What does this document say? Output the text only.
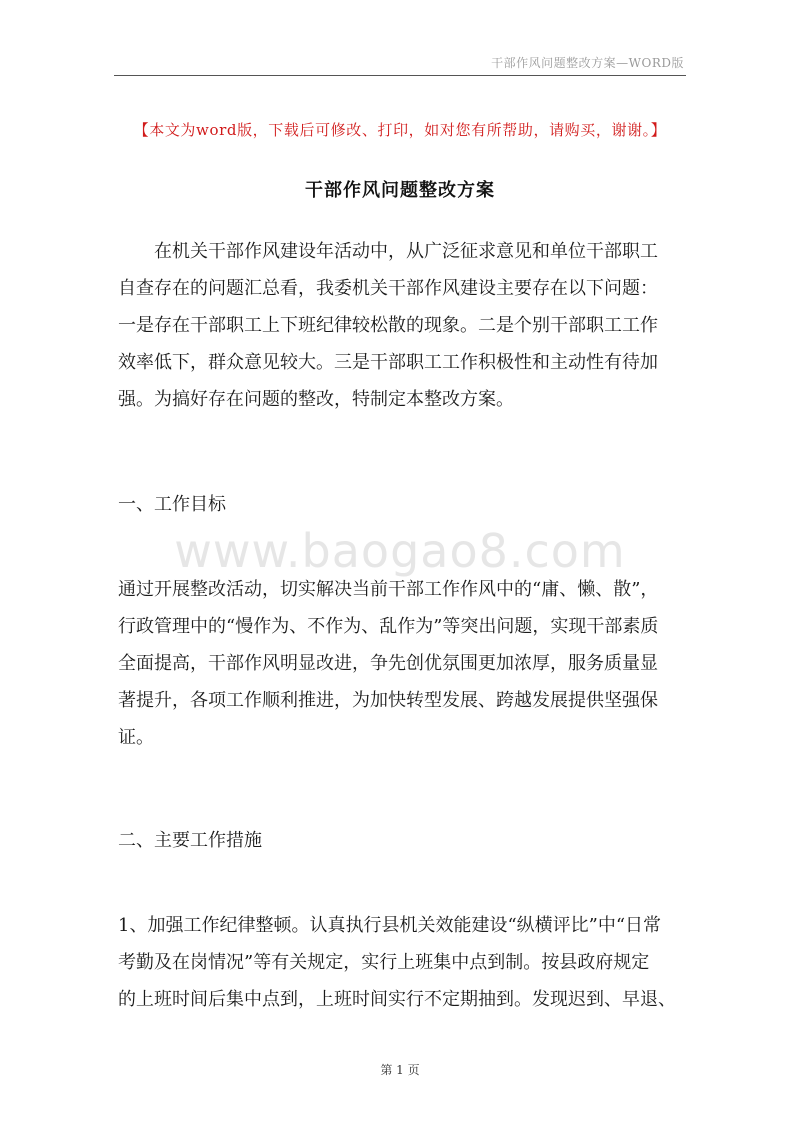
干部作风问题整改方案—WORD版
【本文为word版，下载后可修改、打印，如对您有所帮助，请购买，谢谢。】
干部作风问题整改方案

　　在机关干部作风建设年活动中，从广泛征求意见和单位干部职工
自查存在的问题汇总看，我委机关干部作风建设主要存在以下问题：
一是存在干部职工上下班纪律较松散的现象。二是个别干部职工工作
效率低下，群众意见较大。三是干部职工工作积极性和主动性有待加
强。为搞好存在问题的整改，特制定本整改方案。

一、工作目标
www.baogao8.com

通过开展整改活动，切实解决当前干部工作作风中的“庸、懒、散”，
行政管理中的“慢作为、不作为、乱作为”等突出问题，实现干部素质
全面提高，干部作风明显改进，争先创优氛围更加浓厚，服务质量显
著提升，各项工作顺利推进，为加快转型发展、跨越发展提供坚强保
证。

二、主要工作措施

1、加强工作纪律整顿。认真执行县机关效能建设“纵横评比”中“日常
考勤及在岗情况”等有关规定，实行上班集中点到制。按县政府规定
的上班时间后集中点到，上班时间实行不定期抽到。发现迟到、早退、

第 1 页
